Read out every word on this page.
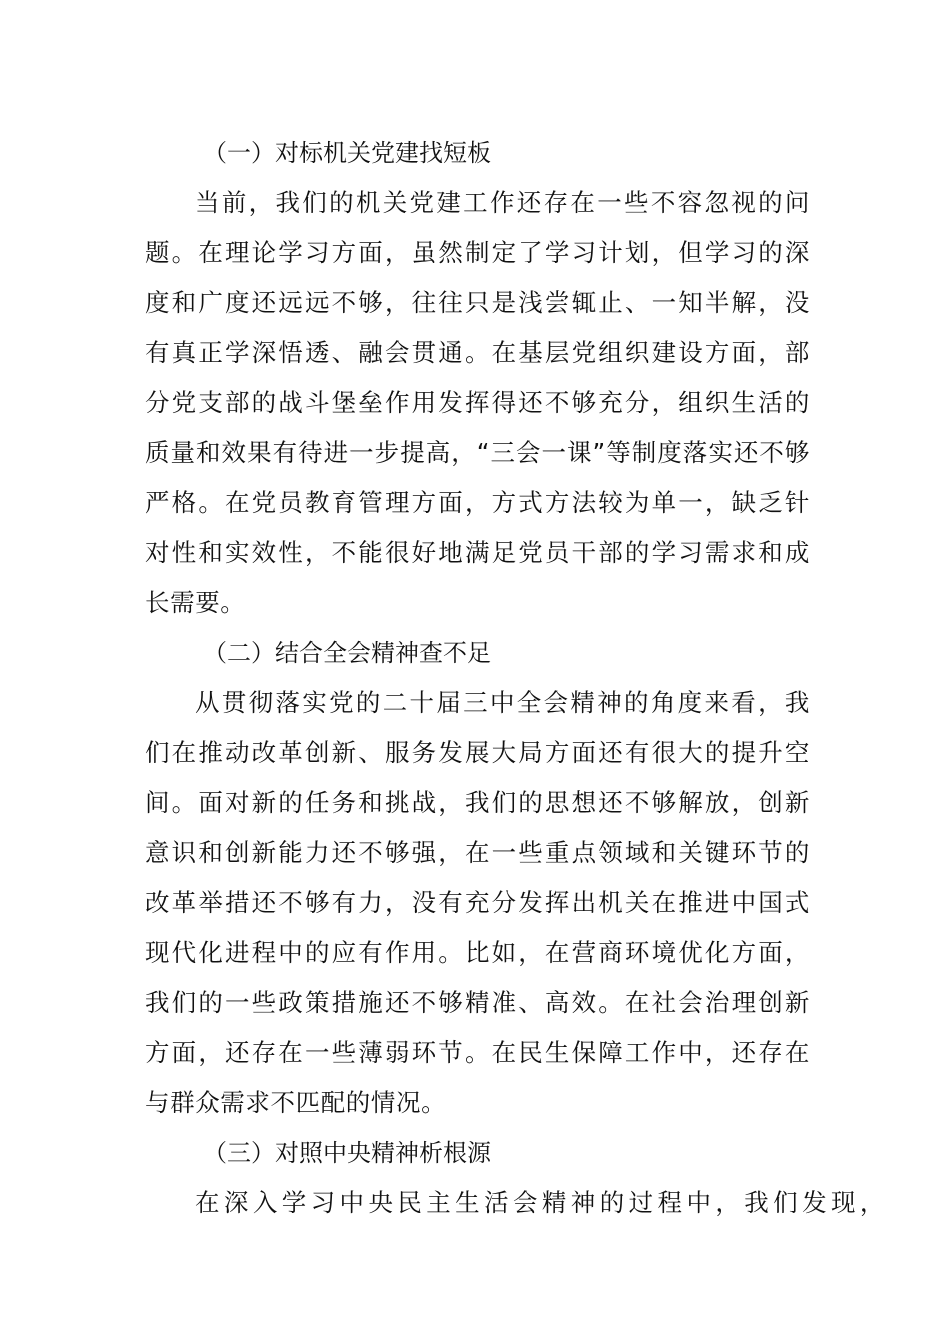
（一）对标机关党建找短板

当前，我们的机关党建工作还存在一些不容忽视的问

题。在理论学习方面，虽然制定了学习计划，但学习的深

度和广度还远远不够，往往只是浅尝辄止、一知半解，没

有真正学深悟透、融会贯通。在基层党组织建设方面，部

分党支部的战斗堡垒作用发挥得还不够充分，组织生活的

质量和效果有待进一步提高，“三会一课”等制度落实还不够

严格。在党员教育管理方面，方式方法较为单一，缺乏针

对性和实效性，不能很好地满足党员干部的学习需求和成

长需要。

（二）结合全会精神查不足

从贯彻落实党的二十届三中全会精神的角度来看，我

们在推动改革创新、服务发展大局方面还有很大的提升空

间。面对新的任务和挑战，我们的思想还不够解放，创新

意识和创新能力还不够强，在一些重点领域和关键环节的

改革举措还不够有力，没有充分发挥出机关在推进中国式

现代化进程中的应有作用。比如，在营商环境优化方面，

我们的一些政策措施还不够精准、高效。在社会治理创新

方面，还存在一些薄弱环节。在民生保障工作中，还存在

与群众需求不匹配的情况。

（三）对照中央精神析根源

在深入学习中央民主生活会精神的过程中，我们发现，
